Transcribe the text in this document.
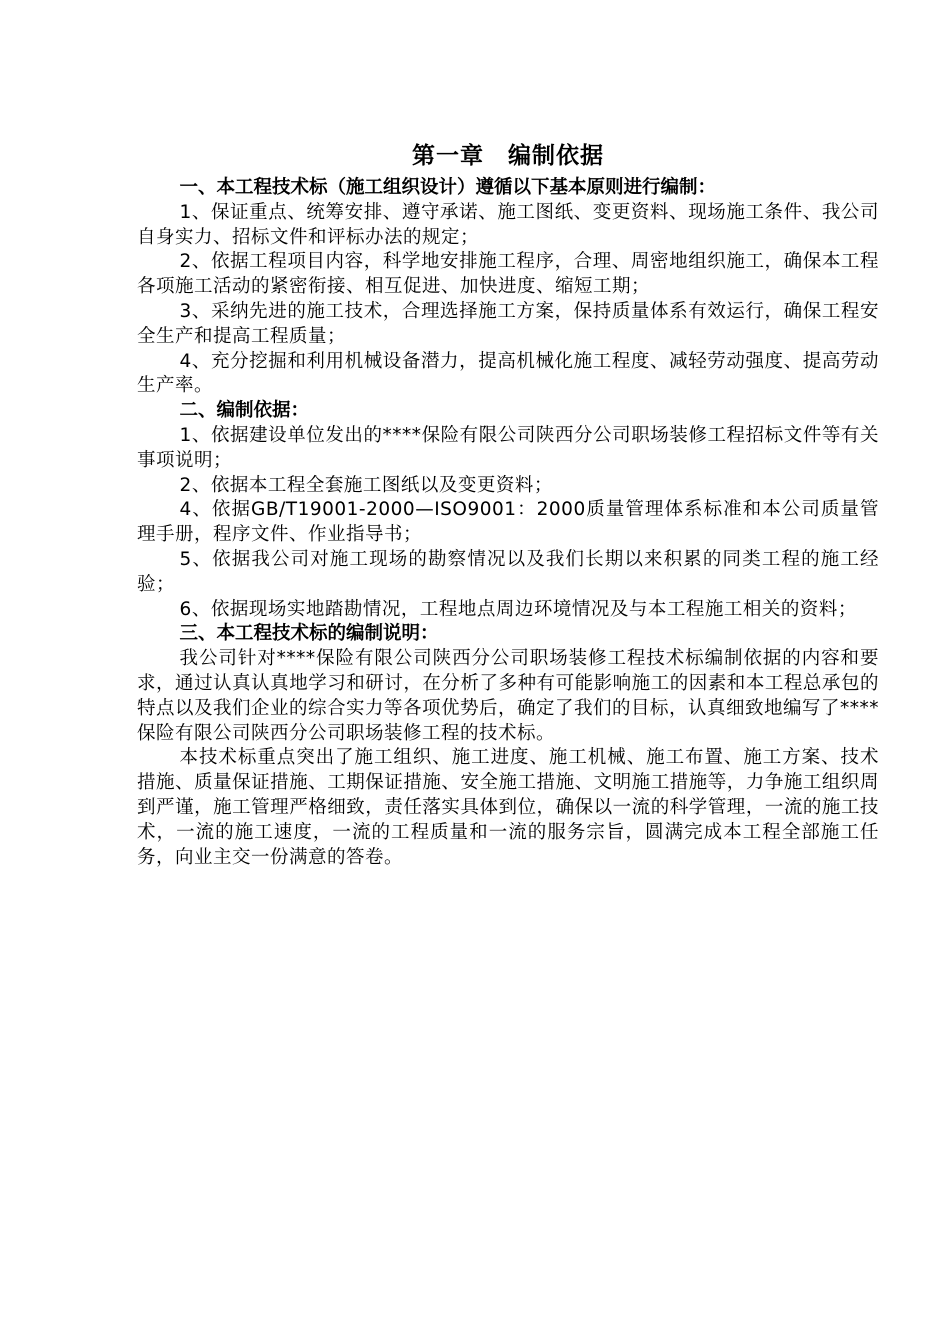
第一章　编制依据

一、本工程技术标（施工组织设计）遵循以下基本原则进行编制：

1、保证重点、统筹安排、遵守承诺、施工图纸、变更资料、现场施工条件、我公司自身实力、招标文件和评标办法的规定；

2、依据工程项目内容，科学地安排施工程序，合理、周密地组织施工，确保本工程各项施工活动的紧密衔接、相互促进、加快进度、缩短工期；

3、采纳先进的施工技术，合理选择施工方案，保持质量体系有效运行，确保工程安全生产和提高工程质量；

4、充分挖掘和利用机械设备潜力，提高机械化施工程度、减轻劳动强度、提高劳动生产率。

二、编制依据：

1、依据建设单位发出的****保险有限公司陕西分公司职场装修工程招标文件等有关事项说明；

2、依据本工程全套施工图纸以及变更资料；

4、依据GB/T19001-2000—ISO9001：2000质量管理体系标准和本公司质量管理手册，程序文件、作业指导书；

5、依据我公司对施工现场的勘察情况以及我们长期以来积累的同类工程的施工经验；

6、依据现场实地踏勘情况，工程地点周边环境情况及与本工程施工相关的资料；

三、本工程技术标的编制说明：

我公司针对****保险有限公司陕西分公司职场装修工程技术标编制依据的内容和要求，通过认真认真地学习和研讨，在分析了多种有可能影响施工的因素和本工程总承包的特点以及我们企业的综合实力等各项优势后，确定了我们的目标，认真细致地编写了****保险有限公司陕西分公司职场装修工程的技术标。

本技术标重点突出了施工组织、施工进度、施工机械、施工布置、施工方案、技术措施、质量保证措施、工期保证措施、安全施工措施、文明施工措施等，力争施工组织周到严谨，施工管理严格细致，责任落实具体到位，确保以一流的科学管理，一流的施工技术，一流的施工速度，一流的工程质量和一流的服务宗旨，圆满完成本工程全部施工任务，向业主交一份满意的答卷。
